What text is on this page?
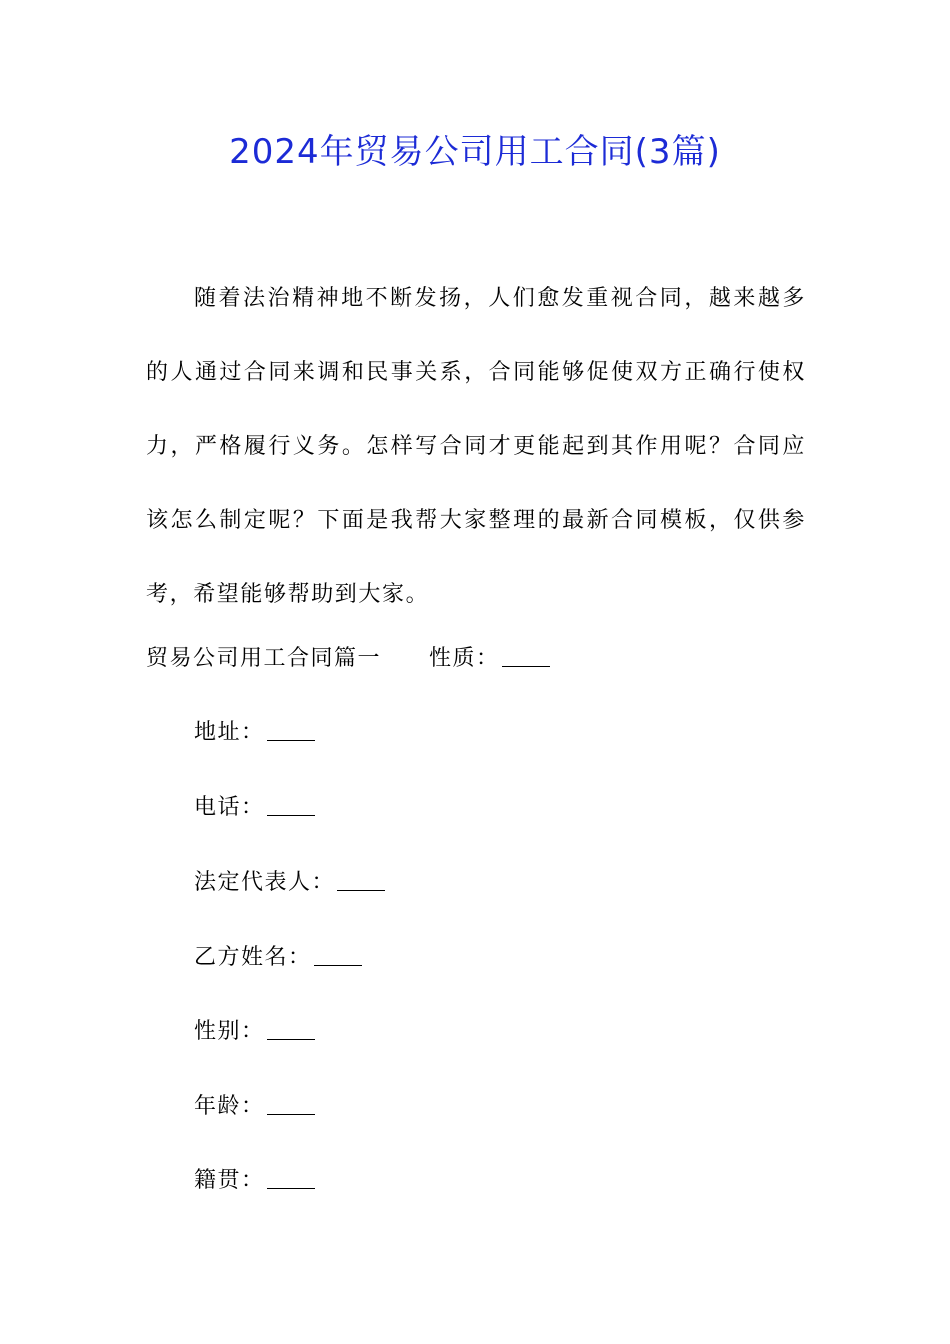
2024年贸易公司用工合同(3篇)
随着法治精神地不断发扬，人们愈发重视合同，越来越多的人通过合同来调和民事关系，合同能够促使双方正确行使权力，严格履行义务。怎样写合同才更能起到其作用呢？合同应该怎么制定呢？下面是我帮大家整理的最新合同模板，仅供参考，希望能够帮助到大家。
贸易公司用工合同篇一 性质：
地址：
电话：
法定代表人：
乙方姓名：
性别：
年龄：
籍贯：
